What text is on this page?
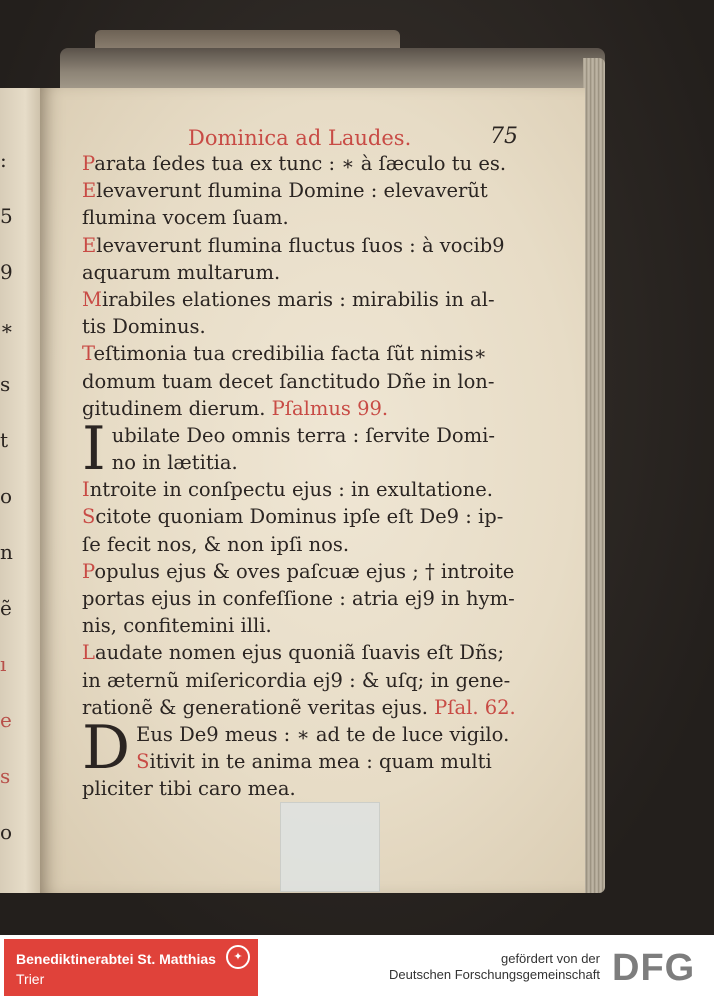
:
5
9
∗
s
t
o
n
ẽ
ı
e
s
o
Dominica ad Laudes.	75
Parata ſedes tua ex tunc : ∗ à ſæculo tu es.
Elevaverunt flumina Domine : elevaverũt
flumina vocem ſuam.
Elevaverunt flumina fluctus ſuos : à vocib9
aquarum multarum.
Mirabiles elationes maris : mirabilis in al-
tis Dominus.
Teſtimonia tua credibilia facta ſũt nimis∗
domum tuam decet ſanctitudo Dñe in lon-
gitudinem dierum. Pſalmus 99.
I ubilate Deo omnis terra : ſervite Domi-
no in lætitia.
Introite in conſpectu ejus : in exultatione.
Scitote quoniam Dominus ipſe eſt De9 : ip-
ſe fecit nos, & non ipſi nos.
Populus ejus & oves paſcuæ ejus ; † introite
portas ejus in confeſſione : atria ej9 in hym-
nis, confitemini illi.
Laudate nomen ejus quoniã ſuavis eſt Dñs;
in æternũ miſericordia ej9 : & uſq; in gene-
rationẽ & generationẽ veritas ejus. Pſal. 62.
D Eus De9 meus : ∗ ad te de luce vigilo.
Sitivit in te anima mea : quam multi
pliciter tibi caro mea.
Benediktinerabtei St. Matthias
Trier
✦	gefördert von der
Deutschen Forschungsgemeinschaft DFG
